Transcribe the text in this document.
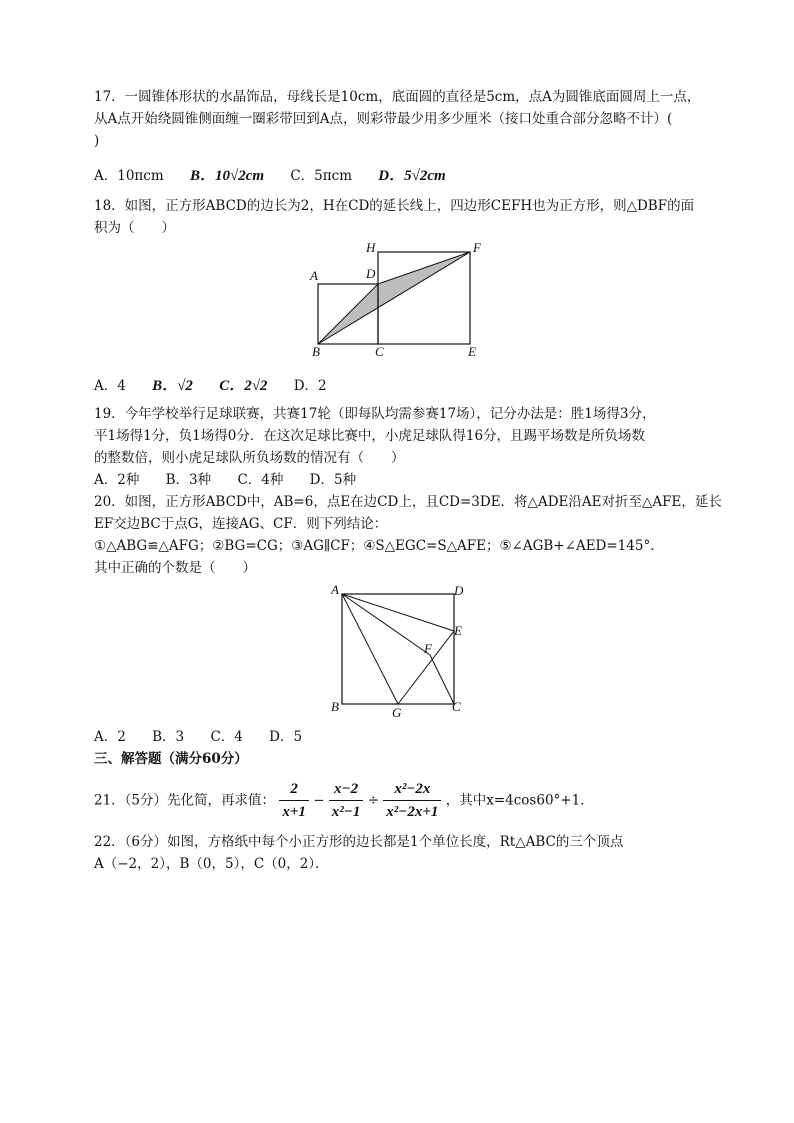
17．一圆锥体形状的水晶饰品，母线长是10cm，底面圆的直径是5cm，点A为圆锥底面圆周上一点，
从A点开始绕圆锥侧面缠一圈彩带回到A点，则彩带最少用多少厘米（接口处重合部分忽略不计）(
)
A．10πcm B．10√2cm C．5πcm D．5√2cm
18．如图，正方形ABCD的边长为2，H在CD的延长线上，四边形CEFH也为正方形，则△DBF的面
积为（　　）
A	D
H	F
B	C	E
A．4 B．√2 C．2√2 D．2
19．今年学校举行足球联赛，共赛17轮（即每队均需参赛17场），记分办法是：胜1场得3分，
平1场得1分，负1场得0分．在这次足球比赛中，小虎足球队得16分，且踢平场数是所负场数
的整数倍，则小虎足球队所负场数的情况有（　　）
A．2种 B．3种 C．4种 D．5种
20．如图，正方形ABCD中，AB=6，点E在边CD上，且CD=3DE．将△ADE沿AE对折至△AFE，延长
EF交边BC于点G，连接AG、CF．则下列结论：
①△ABG≌△AFG；②BG=CG；③AG∥CF；④S△EGC=S△AFE；⑤∠AGB+∠AED=145°．
其中正确的个数是（　　）
A	D
E
F
B	G	C
A．2 B．3 C．4 D．5
三、解答题（满分60分）
21．（5分）先化简，再求值： $\frac{2}{x+1} - \frac{x-2}{\text{x²−1}} \div \frac{\text{x²−2x}}{\text{x²−2x+1}}$ ，其中x=4cos60°+1．
22．（6分）如图，方格纸中每个小正方形的边长都是1个单位长度，Rt△ABC的三个顶点
A（−2，2），B（0，5），C（0，2）．
